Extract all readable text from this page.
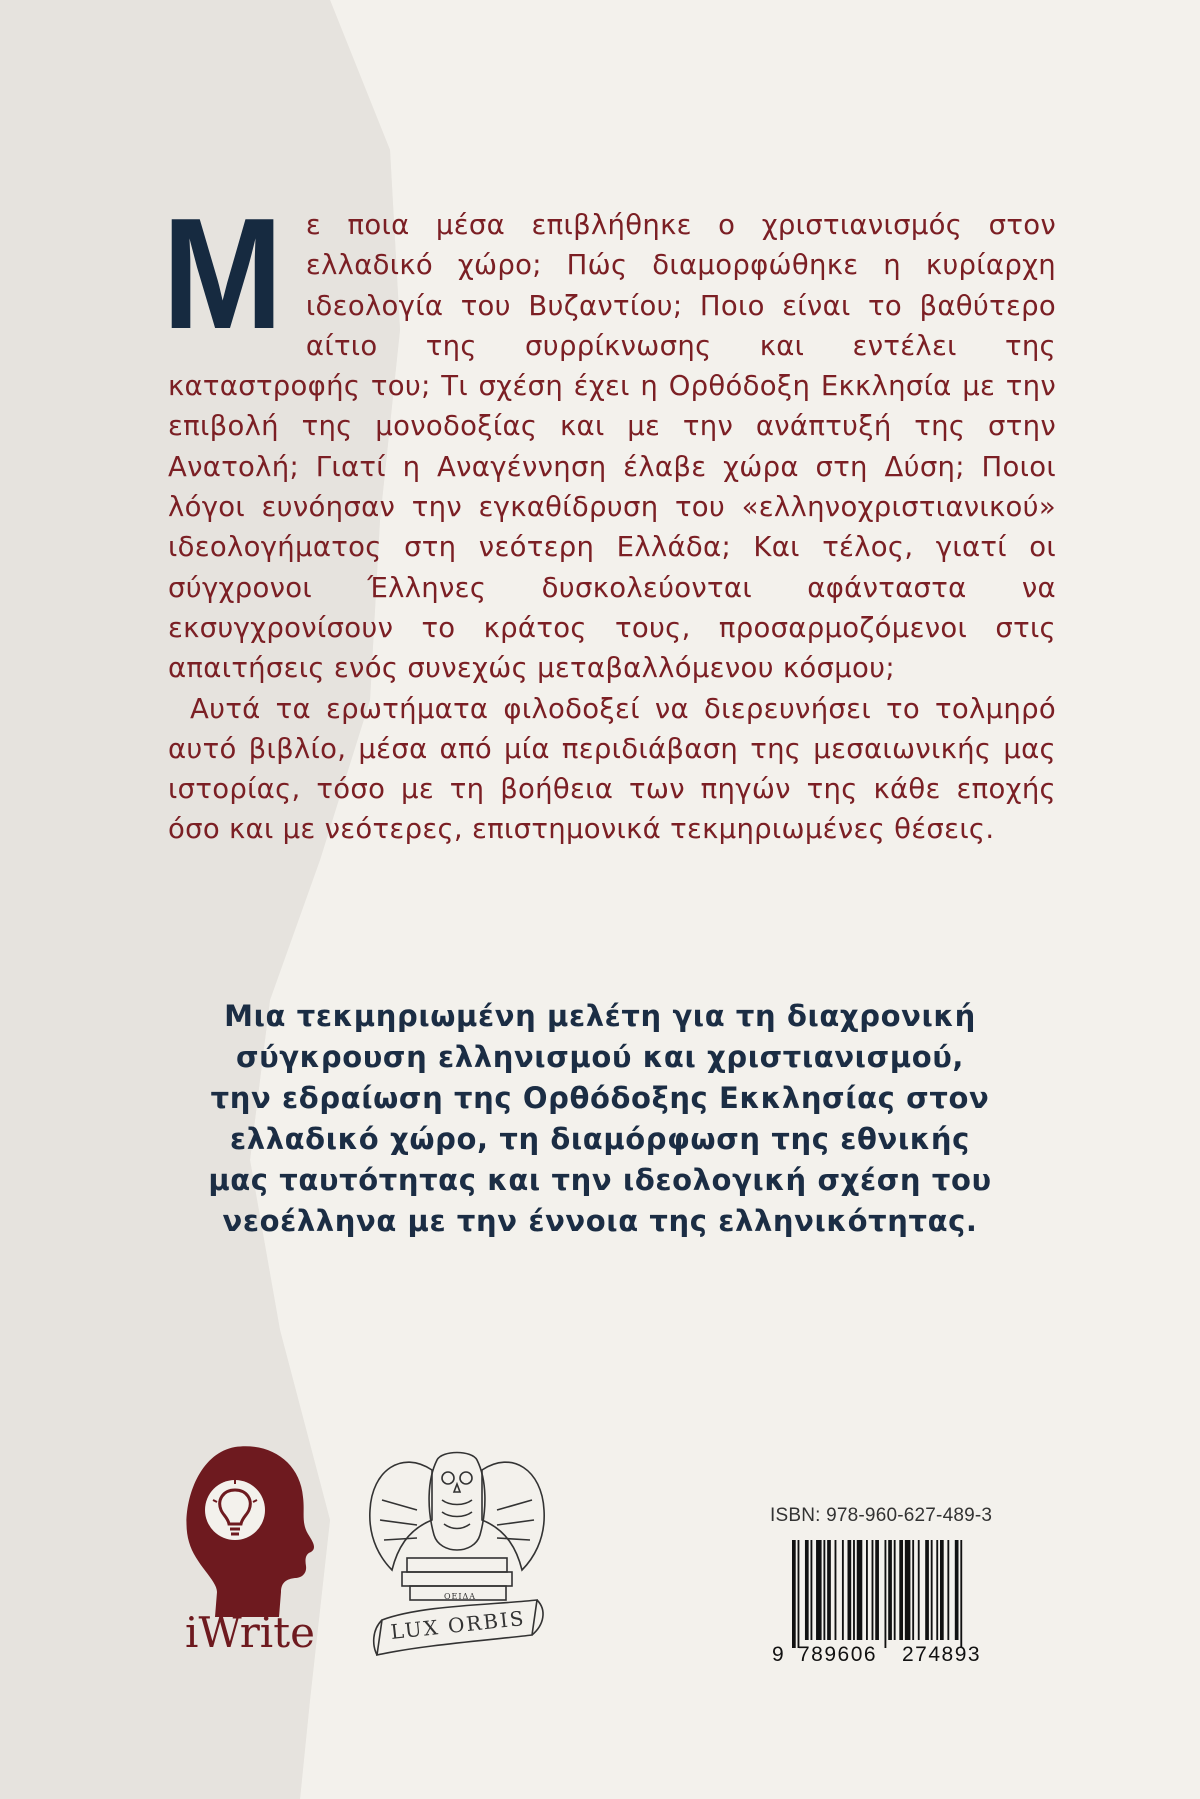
Με ποια μέσα επιβλήθηκε ο χριστιανισμός στον ελλαδικό χώρο; Πώς διαμορφώθηκε η κυρίαρχη ιδεολογία του Βυζαντίου; Ποιο είναι το βαθύτερο αίτιο της συρρίκνωσης και εντέλει της καταστροφής του; Τι σχέση έχει η Ορθόδοξη Εκκλησία με την επιβολή της μονοδοξίας και με την ανάπτυξή της στην Ανατολή; Γιατί η Αναγέννηση έλαβε χώρα στη Δύση; Ποιοι λόγοι ευνόησαν την εγκαθίδρυση του «ελληνοχριστιανικού» ιδεολογήματος στη νεότερη Ελλάδα; Και τέλος, γιατί οι σύγχρονοι Έλληνες δυσκολεύονται αφάνταστα να εκσυγχρονίσουν το κράτος τους, προσαρμοζόμενοι στις απαιτήσεις ενός συνεχώς μεταβαλλόμενου κόσμου;

Αυτά τα ερωτήματα φιλοδοξεί να διερευνήσει το τολμηρό αυτό βιβλίο, μέσα από μία περιδιάβαση της μεσαιωνικής μας ιστορίας, τόσο με τη βοήθεια των πηγών της κάθε εποχής όσο και με νεότερες, επιστημονικά τεκμηριωμένες θέσεις.

Μια τεκμηριωμένη μελέτη για τη διαχρονική

σύγκρουση ελληνισμού και χριστιανισμού,

την εδραίωση της Ορθόδοξης Εκκλησίας στον

ελλαδικό χώρο, τη διαμόρφωση της εθνικής

μας ταυτότητας και την ιδεολογική σχέση του

νεοέλληνα με την έννοια της ελληνικότητας.

iWrite
OEIΔA
LUX ORBIS
ISBN: 978-960-627-489-3
9 789606 274893
